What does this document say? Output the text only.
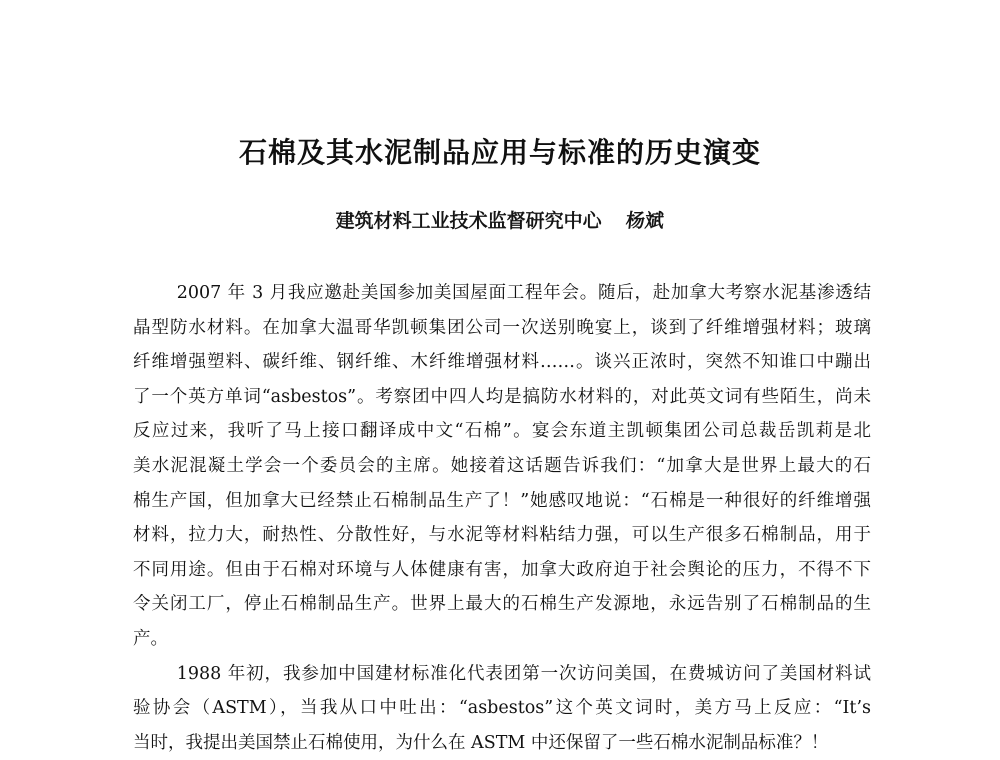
石棉及其水泥制品应用与标准的历史演变
建筑材料工业技术监督研究中心 杨斌
2007 年 3 月我应邀赴美国参加美国屋面工程年会。随后，赴加拿大考察水泥基渗透结
晶型防水材料。在加拿大温哥华凯顿集团公司一次送别晚宴上，谈到了纤维增强材料；玻璃
纤维增强塑料、碳纤维、钢纤维、木纤维增强材料……。谈兴正浓时，突然不知谁口中蹦出
了一个英方单词“asbestos”。考察团中四人均是搞防水材料的，对此英文词有些陌生，尚未
反应过来，我听了马上接口翻译成中文“石棉”。宴会东道主凯顿集团公司总裁岳凯莉是北
美水泥混凝土学会一个委员会的主席。她接着这话题告诉我们：“加拿大是世界上最大的石
棉生产国，但加拿大已经禁止石棉制品生产了！”她感叹地说：“石棉是一种很好的纤维增强
材料，拉力大，耐热性、分散性好，与水泥等材料粘结力强，可以生产很多石棉制品，用于
不同用途。但由于石棉对环境与人体健康有害，加拿大政府迫于社会舆论的压力，不得不下
令关闭工厂，停止石棉制品生产。世界上最大的石棉生产发源地，永远告别了石棉制品的生
产。
1988 年初，我参加中国建材标准化代表团第一次访问美国，在费城访问了美国材料试
验协会（ASTM），当我从口中吐出：“asbestos”这个英文词时，美方马上反应：“It’s
当时，我提出美国禁止石棉使用，为什么在 ASTM 中还保留了一些石棉水泥制品标准？！
